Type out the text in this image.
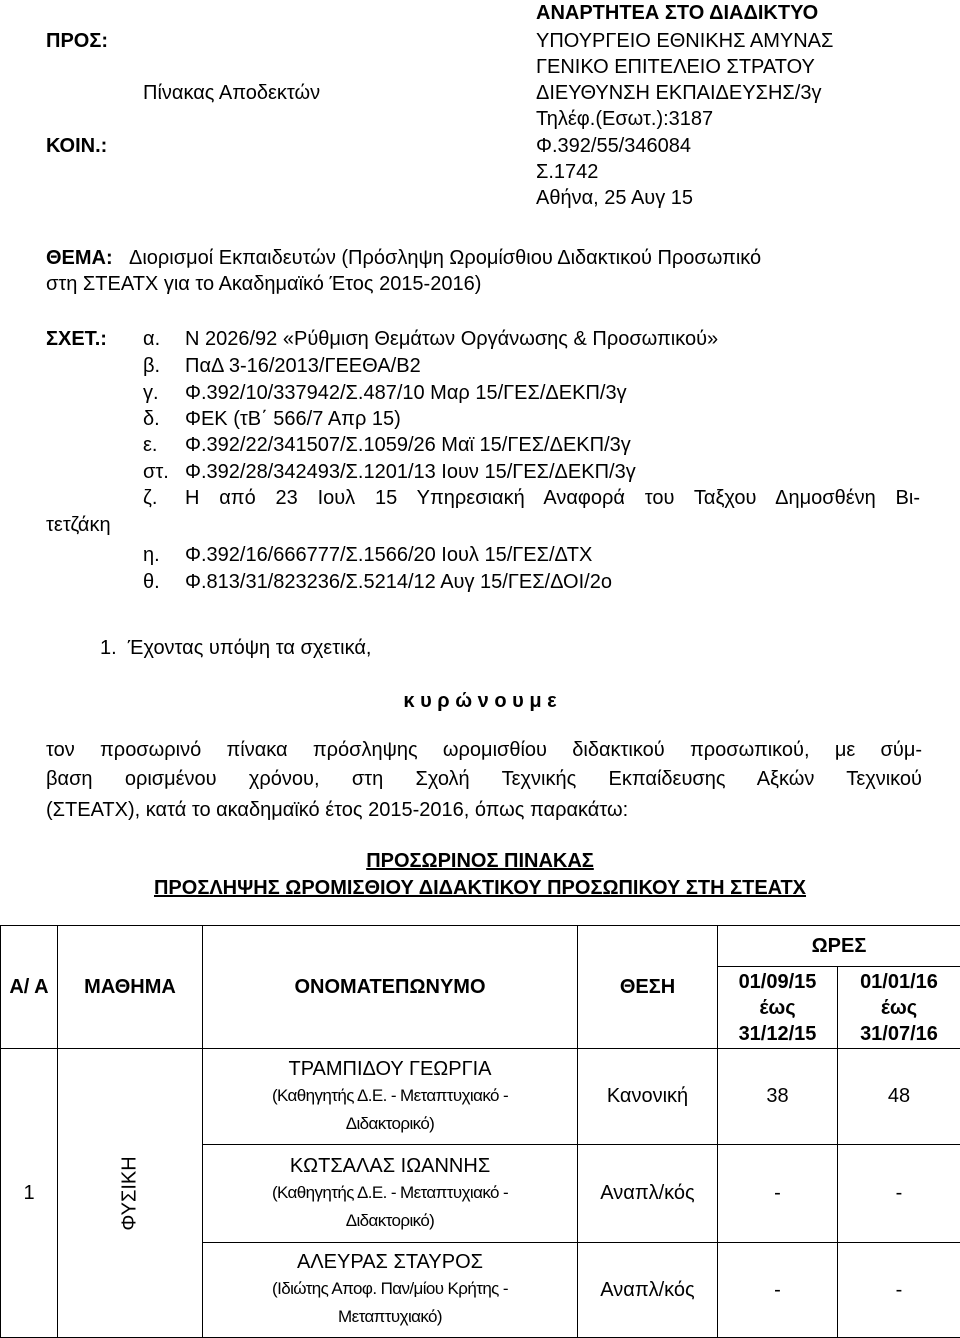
ΠΡΟΣ:
Πίνακας Αποδεκτών
ΚΟΙΝ.:
ΑΝΑΡΤΗΤΕΑ ΣΤΟ ΔΙΑΔΙΚΤΥΟ
ΥΠΟΥΡΓΕΙΟ ΕΘΝΙΚΗΣ ΑΜΥΝΑΣ
ΓΕΝΙΚΟ ΕΠΙΤΕΛΕΙΟ ΣΤΡΑΤΟΥ
ΔΙΕΥΘΥΝΣΗ ΕΚΠΑΙΔΕΥΣΗΣ/3γ
Τηλέφ.(Εσωτ.):3187
Φ.392/55/346084
Σ.1742
Αθήνα, 25 Αυγ 15
ΘΕΜΑ: Διορισμοί Εκπαιδευτών (Πρόσληψη Ωρομίσθιου Διδακτικού Προσωπικό
στη ΣΤΕΑΤΧ για το Ακαδημαϊκό Έτος 2015-2016)
ΣΧΕΤ.: α. Ν 2026/92 «Ρύθμιση Θεμάτων Οργάνωσης & Προσωπικού»
β. ΠαΔ 3-16/2013/ΓΕΕΘΑ/Β2
γ. Φ.392/10/337942/Σ.487/10 Μαρ 15/ΓΕΣ/ΔΕΚΠ/3γ
δ. ΦΕΚ (τΒ΄ 566/7 Απρ 15)
ε. Φ.392/22/341507/Σ.1059/26 Μαϊ 15/ΓΕΣ/ΔΕΚΠ/3γ
στ. Φ.392/28/342493/Σ.1201/13 Ιουν 15/ΓΕΣ/ΔΕΚΠ/3γ
ζ. Η από 23 Ιουλ 15 Υπηρεσιακή Αναφορά του Ταξχου Δημοσθένη Βι-
τετζάκη
η. Φ.392/16/666777/Σ.1566/20 Ιουλ 15/ΓΕΣ/ΔΤΧ
θ. Φ.813/31/823236/Σ.5214/12 Αυγ 15/ΓΕΣ/ΔΟΙ/2ο
1.  Έχοντας υπόψη τα σχετικά,
κ υ ρ ώ ν ο υ μ ε
τον προσωρινό πίνακα πρόσληψης ωρομισθίου διδακτικού προσωπικού, με σύμ-
βαση ορισμένου χρόνου, στη Σχολή Τεχνικής Εκπαίδευσης Αξκών Τεχνικού
(ΣΤΕΑΤΧ), κατά το ακαδημαϊκό έτος 2015-2016, όπως παρακάτω:
ΠΡΟΣΩΡΙΝΟΣ ΠΙΝΑΚΑΣ
ΠΡΟΣΛΗΨΗΣ ΩΡΟΜΙΣΘΙΟΥ ΔΙΔΑΚΤΙΚΟΥ ΠΡΟΣΩΠΙΚΟΥ ΣΤΗ ΣΤΕΑΤΧ
Α/ Α	ΜΑΘΗΜΑ	ΟΝΟΜΑΤΕΠΩΝΥΜΟ	ΘΕΣΗ	ΩΡΕΣ	
				01/09/15 έως 31/12/15	01/01/16 έως 31/07/16
1	ΦΥΣΙΚΗ	ΤΡΑΜΠΙΔΟΥ ΓΕΩΡΓΙΑ
(Καθηγητής Δ.Ε. - Μεταπτυχιακό -
Διδακτορικό)	Κανονική	38	48

		ΚΩΤΣΑΛΑΣ ΙΩΑΝΝΗΣ
(Καθηγητής Δ.Ε. - Μεταπτυχιακό -
Διδακτορικό)	Αναπλ/κός	-	-

		ΑΛΕΥΡΑΣ ΣΤΑΥΡΟΣ
(Ιδιώτης Αποφ. Παν/μίου Κρήτης -
Μεταπτυχιακό)	Αναπλ/κός	-	-
